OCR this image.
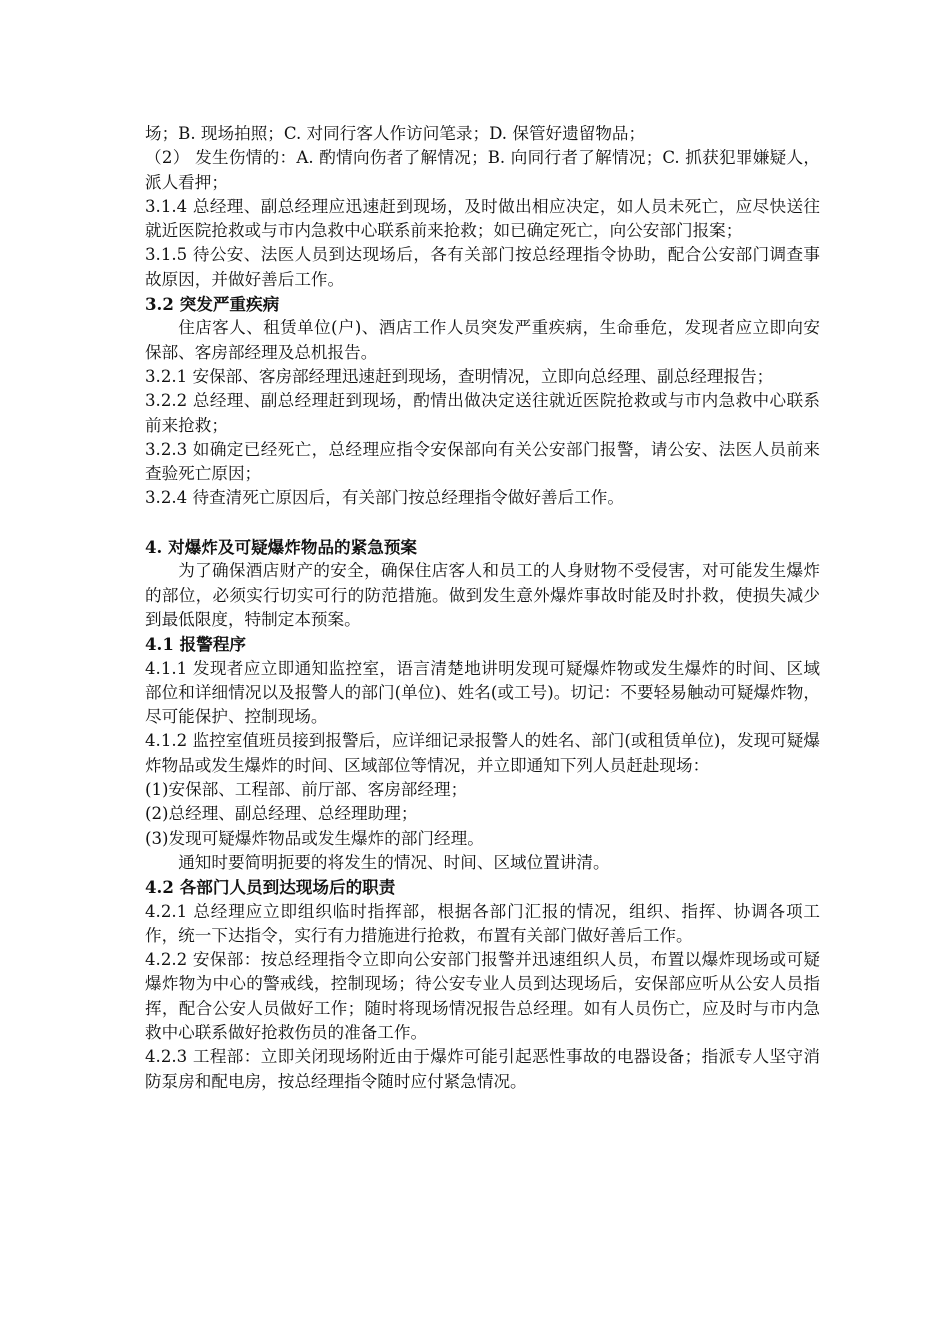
场；B. 现场拍照；C. 对同行客人作访问笔录；D. 保管好遗留物品；

（2） 发生伤情的：A. 酌情向伤者了解情况；B. 向同行者了解情况；C. 抓获犯罪嫌疑人，派人看押；

3.1.4 总经理、副总经理应迅速赶到现场，及时做出相应决定，如人员未死亡，应尽快送往就近医院抢救或与市内急救中心联系前来抢救；如已确定死亡，向公安部门报案；

3.1.5 待公安、法医人员到达现场后，各有关部门按总经理指令协助，配合公安部门调查事故原因，并做好善后工作。

3.2 突发严重疾病

住店客人、租赁单位(户)、酒店工作人员突发严重疾病，生命垂危，发现者应立即向安保部、客房部经理及总机报告。

3.2.1 安保部、客房部经理迅速赶到现场，查明情况，立即向总经理、副总经理报告；

3.2.2 总经理、副总经理赶到现场，酌情出做决定送往就近医院抢救或与市内急救中心联系前来抢救；

3.2.3 如确定已经死亡，总经理应指令安保部向有关公安部门报警，请公安、法医人员前来查验死亡原因；

3.2.4 待查清死亡原因后，有关部门按总经理指令做好善后工作。

4. 对爆炸及可疑爆炸物品的紧急预案

为了确保酒店财产的安全，确保住店客人和员工的人身财物不受侵害，对可能发生爆炸的部位，必须实行切实可行的防范措施。做到发生意外爆炸事故时能及时扑救，使损失减少到最低限度，特制定本预案。

4.1 报警程序

4.1.1 发现者应立即通知监控室，语言清楚地讲明发现可疑爆炸物或发生爆炸的时间、区域部位和详细情况以及报警人的部门(单位)、姓名(或工号)。切记：不要轻易触动可疑爆炸物，尽可能保护、控制现场。

4.1.2 监控室值班员接到报警后，应详细记录报警人的姓名、部门(或租赁单位)，发现可疑爆炸物品或发生爆炸的时间、区域部位等情况，并立即通知下列人员赶赴现场：

(1)安保部、工程部、前厅部、客房部经理；

(2)总经理、副总经理、总经理助理；

(3)发现可疑爆炸物品或发生爆炸的部门经理。

通知时要简明扼要的将发生的情况、时间、区域位置讲清。

4.2 各部门人员到达现场后的职责

4.2.1 总经理应立即组织临时指挥部，根据各部门汇报的情况，组织、指挥、协调各项工作，统一下达指令，实行有力措施进行抢救，布置有关部门做好善后工作。

4.2.2 安保部：按总经理指令立即向公安部门报警并迅速组织人员，布置以爆炸现场或可疑爆炸物为中心的警戒线，控制现场；待公安专业人员到达现场后，安保部应听从公安人员指挥，配合公安人员做好工作；随时将现场情况报告总经理。如有人员伤亡，应及时与市内急救中心联系做好抢救伤员的准备工作。

4.2.3 工程部：立即关闭现场附近由于爆炸可能引起恶性事故的电器设备；指派专人坚守消防泵房和配电房，按总经理指令随时应付紧急情况。
